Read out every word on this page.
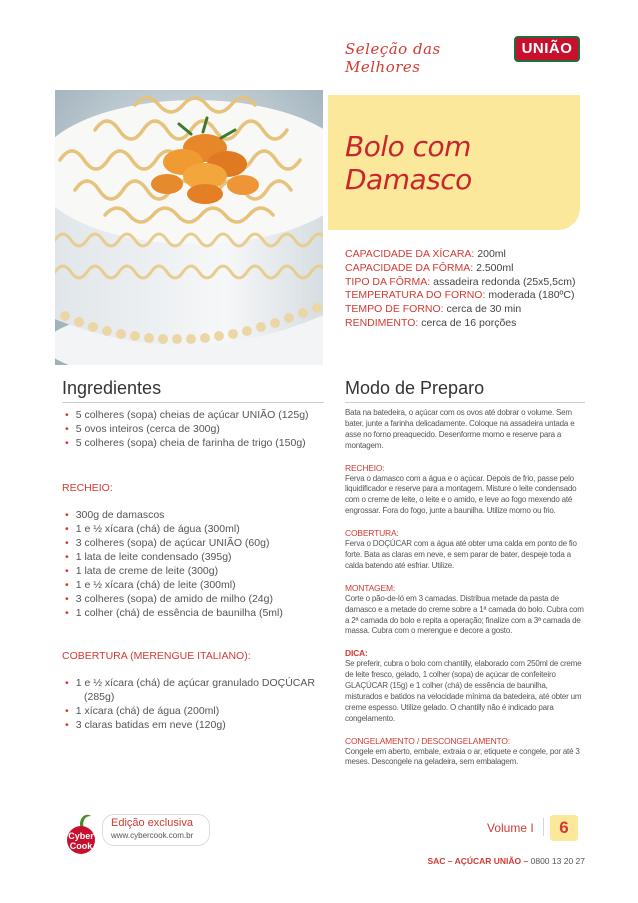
Seleção das Melhores
UNIÃO
Bolo com
Damasco
CAPACIDADE DA XÍCARA: 200ml
CAPACIDADE DA FÔRMA: 2.500ml
TIPO DA FÔRMA: assadeira redonda (25x5,5cm)
TEMPERATURA DO FORNO: moderada (180ºC)
TEMPO DE FORNO: cerca de 30 min
RENDIMENTO: cerca de 16 porções
Ingredientes	Modo de Preparo
• 5 colheres (sopa) cheias de açúcar UNIÃO (125g)
• 5 ovos inteiros (cerca de 300g)
• 5 colheres (sopa) cheia de farinha de trigo (150g)
RECHEIO:
• 300g de damascos
• 1 e ½ xícara (chá) de água (300ml)
• 3 colheres (sopa) de açúcar UNIÃO (60g)
• 1 lata de leite condensado (395g)
• 1 lata de creme de leite (300g)
• 1 e ½ xícara (chá) de leite (300ml)
• 3 colheres (sopa) de amido de milho (24g)
• 1 colher (chá) de essência de baunilha (5ml)
COBERTURA (MERENGUE ITALIANO):
• 1 e ½ xícara (chá) de açúcar granulado DOÇÚCAR (285g)
• 1 xícara (chá) de água (200ml)
• 3 claras batidas em neve (120g)
Bata na batedeira, o açúcar com os ovos até dobrar o volume. Sem bater, junte a farinha delicadamente. Coloque na assadeira untada e asse no forno preaquecido. Desenforme morno e reserve para a montagem.
RECHEIO:
Ferva o damasco com a água e o açúcar. Depois de frio, passe pelo liquidificador e reserve para a montagem. Misture o leite condensado com o creme de leite, o leite e o amido, e leve ao fogo mexendo até engrossar. Fora do fogo, junte a baunilha. Utilize morno ou frio.
COBERTURA:
Ferva o DOÇÚCAR com a água até obter uma calda em ponto de fio forte. Bata as claras em neve, e sem parar de bater, despeje toda a calda batendo até esfriar. Utilize.
MONTAGEM:
Corte o pão-de-ló em 3 camadas. Distribua metade da pasta de damasco e a metade do creme sobre a 1ª camada do bolo. Cubra com a 2ª camada do bolo e repita a operação; finalize com a 3ª camada de massa. Cubra com o merengue e decore a gosto.
DICA:
Se preferir, cubra o bolo com chantilly, elaborado com 250ml de creme de leite fresco, gelado, 1 colher (sopa) de açúcar de confeiteiro GLAÇÚCAR (15g) e 1 colher (chá) de essência de baunilha, misturados e batidos na velocidade mínima da batedeira, até obter um creme espesso. Utilize gelado. O chantilly não é indicado para congelamento.
CONGELAMENTO / DESCONGELAMENTO:
Congele em aberto, embale, extraia o ar, etiquete e congele, por até 3 meses. Descongele na geladeira, sem embalagem.
Cyber
Cook
Edição exclusiva
www.cybercook.com.br
Volume I	6
SAC – AÇÚCAR UNIÃO – 0800 13 20 27
